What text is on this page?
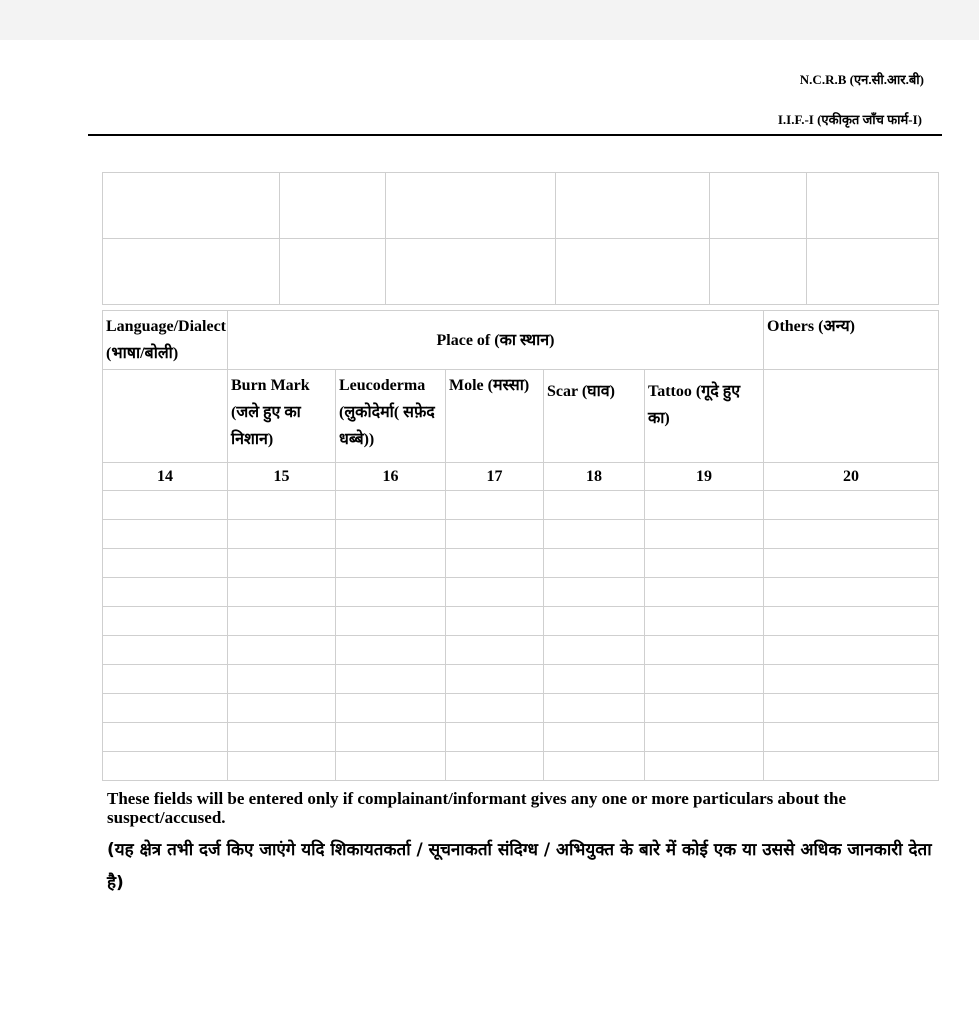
N.C.R.B (एन.सी.आर.बी)
I.I.F.-I (एकीकृत जाँच फार्म-I)

Language/Dialect (भाषा/बोली)	Place of (का स्थान)					Others (अन्य)
	Burn Mark (जले हुए का निशान)	Leucoderma (लुकोदेर्मा( सफ़ेद धब्बे))	Mole (मस्सा)	Scar (घाव)	Tattoo (गूदे हुए का)	
14	15	16	17	18	19	20

These fields will be entered only if complainant/informant gives any one or more particulars about the suspect/accused.
(यह क्षेत्र तभी दर्ज किए जाएंगे यदि शिकायतकर्ता / सूचनाकर्ता संदिग्ध / अभियुक्त के बारे में कोई एक या उससे अधिक जानकारी देता है)
